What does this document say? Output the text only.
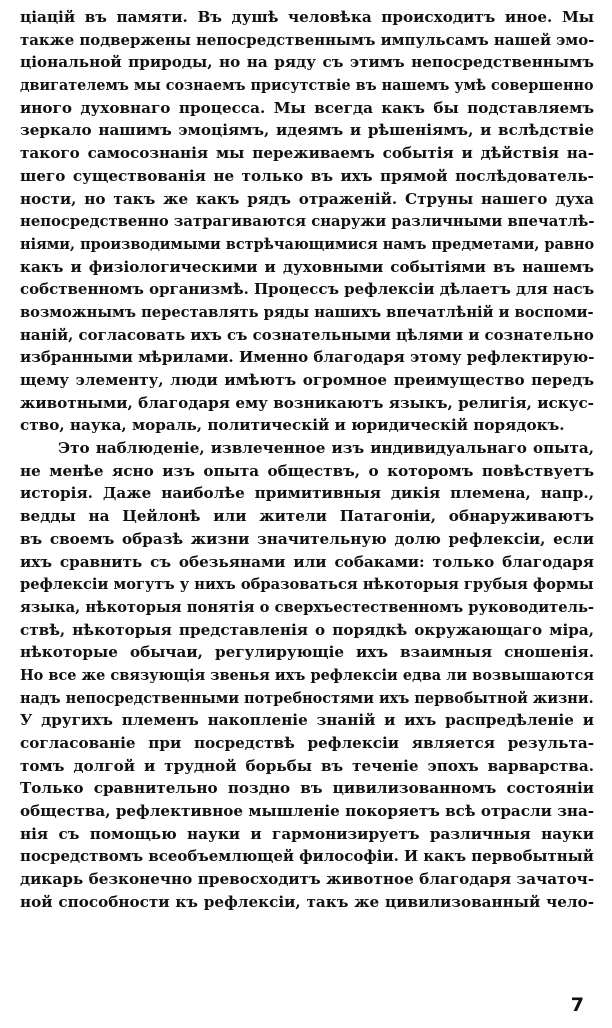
ціацій въ памяти. Въ душѣ человѣка происходитъ иное. Мы
также подвержены непосредственнымъ импульсамъ нашей эмо-
ціональной природы, но на ряду съ этимъ непосредственнымъ
двигателемъ мы сознаемъ присутствіе въ нашемъ умѣ совершенно
иного духовнаго процесса. Мы всегда какъ бы подставляемъ
зеркало нашимъ эмоціямъ, идеямъ и рѣшеніямъ, и вслѣдствіе
такого самосознанія мы переживаемъ событія и дѣйствія на-
шего существованія не только въ ихъ прямой послѣдователь-
ности, но такъ же какъ рядъ отраженій. Струны нашего духа
непосредственно затрагиваются снаружи различными впечатлѣ-
ніями, производимыми встрѣчающимися намъ предметами, равно
какъ и физіологическими и духовными событіями въ нашемъ
собственномъ организмѣ. Процессъ рефлексіи дѣлаетъ для насъ
возможнымъ переставлять ряды нашихъ впечатлѣній и воспоми-
наній, согласовать ихъ съ сознательными цѣлями и сознательно
избранными мѣрилами. Именно благодаря этому рефлектирую-
щему элементу, люди имѣютъ огромное преимущество передъ
животными, благодаря ему возникаютъ языкъ, религія, искус-
ство, наука, мораль, политическій и юридическій порядокъ.
Это наблюденіе, извлеченное изъ индивидуальнаго опыта,
не менѣе ясно изъ опыта обществъ, о которомъ повѣствуетъ
исторія. Даже наиболѣе примитивныя дикія племена, напр.,
ведды на Цейлонѣ или жители Патагоніи, обнаруживаютъ
въ своемъ образѣ жизни значительную долю рефлексіи, если
ихъ сравнить съ обезьянами или собаками: только благодаря
рефлексіи могутъ у нихъ образоваться нѣкоторыя грубыя формы
языка, нѣкоторыя понятія о сверхъестественномъ руководитель-
ствѣ, нѣкоторыя представленія о порядкѣ окружающаго міра,
нѣкоторые обычаи, регулирующіе ихъ взаимныя сношенія.
Но все же связующія звенья ихъ рефлексіи едва ли возвышаются
надъ непосредственными потребностями ихъ первобытной жизни.
У другихъ племенъ накопленіе знаній и ихъ распредѣленіе и
согласованіе при посредствѣ рефлексіи является результа-
томъ долгой и трудной борьбы въ теченіе эпохъ варварства.
Только сравнительно поздно въ цивилизованномъ состояніи
общества, рефлективное мышленіе покоряетъ всѣ отрасли зна-
нія съ помощью науки и гармонизируетъ различныя науки
посредствомъ всеобъемлющей философіи. И какъ первобытный
дикарь безконечно превосходитъ животное благодаря зачаточ-
ной способности къ рефлексіи, такъ же цивилизованный чело-

7
